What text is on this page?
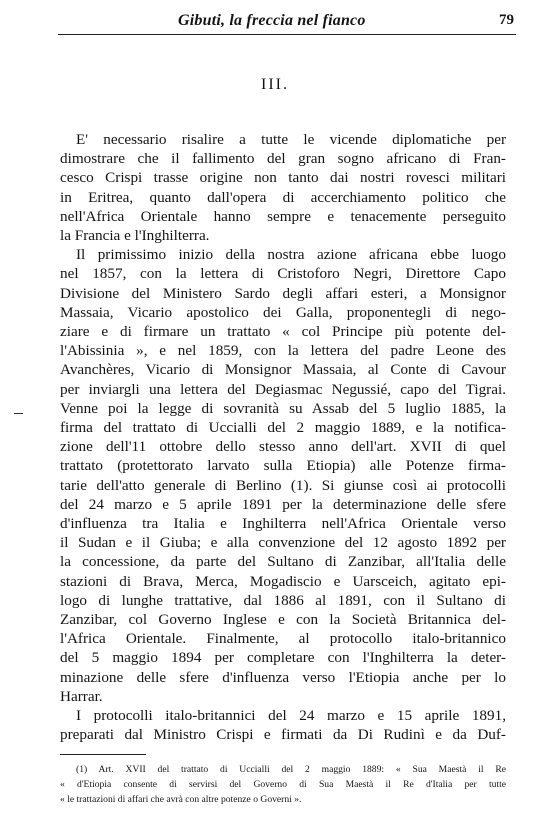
Gibuti, la freccia nel fianco	79
III.
E' necessario risalire a tutte le vicende diplomatiche per
dimostrare che il fallimento del gran sogno africano di Fran-
cesco Crispi trasse origine non tanto dai nostri rovesci militari
in Eritrea, quanto dall'opera di accerchiamento politico che
nell'Africa Orientale hanno sempre e tenacemente perseguito
la Francia e l'Inghilterra.
Il primissimo inizio della nostra azione africana ebbe luogo
nel 1857, con la lettera di Cristoforo Negri, Direttore Capo
Divisione del Ministero Sardo degli affari esteri, a Monsignor
Massaia, Vicario apostolico dei Galla, proponentegli di nego-
ziare e di firmare un trattato « col Principe più potente del-
l'Abissinia », e nel 1859, con la lettera del padre Leone des
Avanchères, Vicario di Monsignor Massaia, al Conte di Cavour
per inviargli una lettera del Degiasmac Negussié, capo del Tigrai.
Venne poi la legge di sovranità su Assab del 5 luglio 1885, la
firma del trattato di Uccialli del 2 maggio 1889, e la notifica-
zione dell'11 ottobre dello stesso anno dell'art. XVII di quel
trattato (protettorato larvato sulla Etiopia) alle Potenze firma-
tarie dell'atto generale di Berlino (1). Si giunse così ai protocolli
del 24 marzo e 5 aprile 1891 per la determinazione delle sfere
d'influenza tra Italia e Inghilterra nell'Africa Orientale verso
il Sudan e il Giuba; e alla convenzione del 12 agosto 1892 per
la concessione, da parte del Sultano di Zanzibar, all'Italia delle
stazioni di Brava, Merca, Mogadiscio e Uarsceich, agitato epi-
logo di lunghe trattative, dal 1886 al 1891, con il Sultano di
Zanzibar, col Governo Inglese e con la Società Britannica del-
l'Africa Orientale. Finalmente, al protocollo italo-britannico
del 5 maggio 1894 per completare con l'Inghilterra la deter-
minazione delle sfere d'influenza verso l'Etiopia anche per lo
Harrar.
I protocolli italo-britannici del 24 marzo e 15 aprile 1891,
preparati dal Ministro Crispi e firmati da Di Rudinì e da Duf-
(1) Art. XVII del trattato di Uccialli del 2 maggio 1889: « Sua Maestà il Re
« d'Etiopia consente di servirsi del Governo di Sua Maestà il Re d'Italia per tutte
« le trattazioni di affari che avrà con altre potenze o Governi ».
